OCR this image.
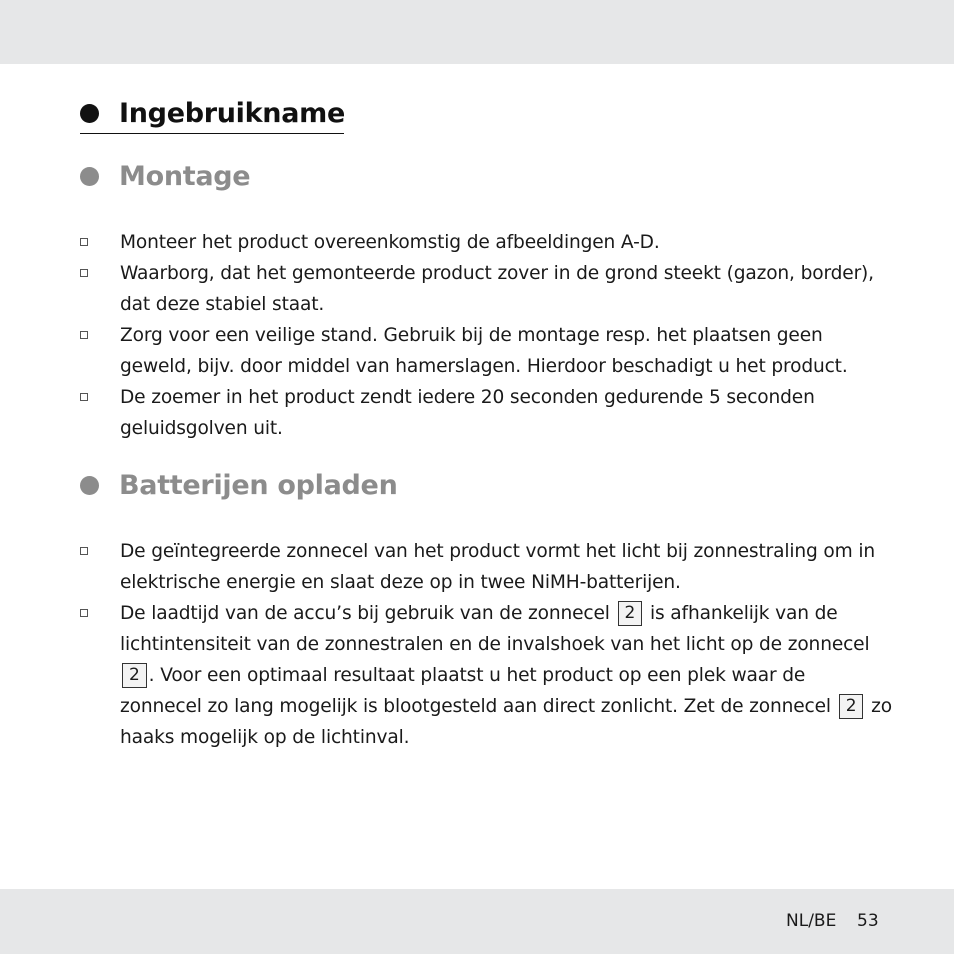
Ingebruikname
Montage
Monteer het product overeenkomstig de afbeeldingen A-D.
Waarborg, dat het gemonteerde product zover in de grond steekt (gazon, border), dat deze stabiel staat.
Zorg voor een veilige stand. Gebruik bij de montage resp. het plaatsen geen geweld, bijv. door middel van hamerslagen. Hierdoor beschadigt u het product.
De zoemer in het product zendt iedere 20 seconden gedurende 5 seconden geluidsgolven uit.
Batterijen opladen
De geïntegreerde zonnecel van het product vormt het licht bij zonnestraling om in elektrische energie en slaat deze op in twee NiMH-batterijen.
De laadtijd van de accu’s bij gebruik van de zonnecel 2 is afhankelijk van de lichtintensiteit van de zonnestralen en de invalshoek van het licht op de zonnecel 2 . Voor een optimaal resultaat plaatst u het product op een plek waar de zonnecel zo lang mogelijk is blootgesteld aan direct zonlicht. Zet de zonnecel 2 zo haaks mogelijk op de lichtinval.
NL/BE 53
